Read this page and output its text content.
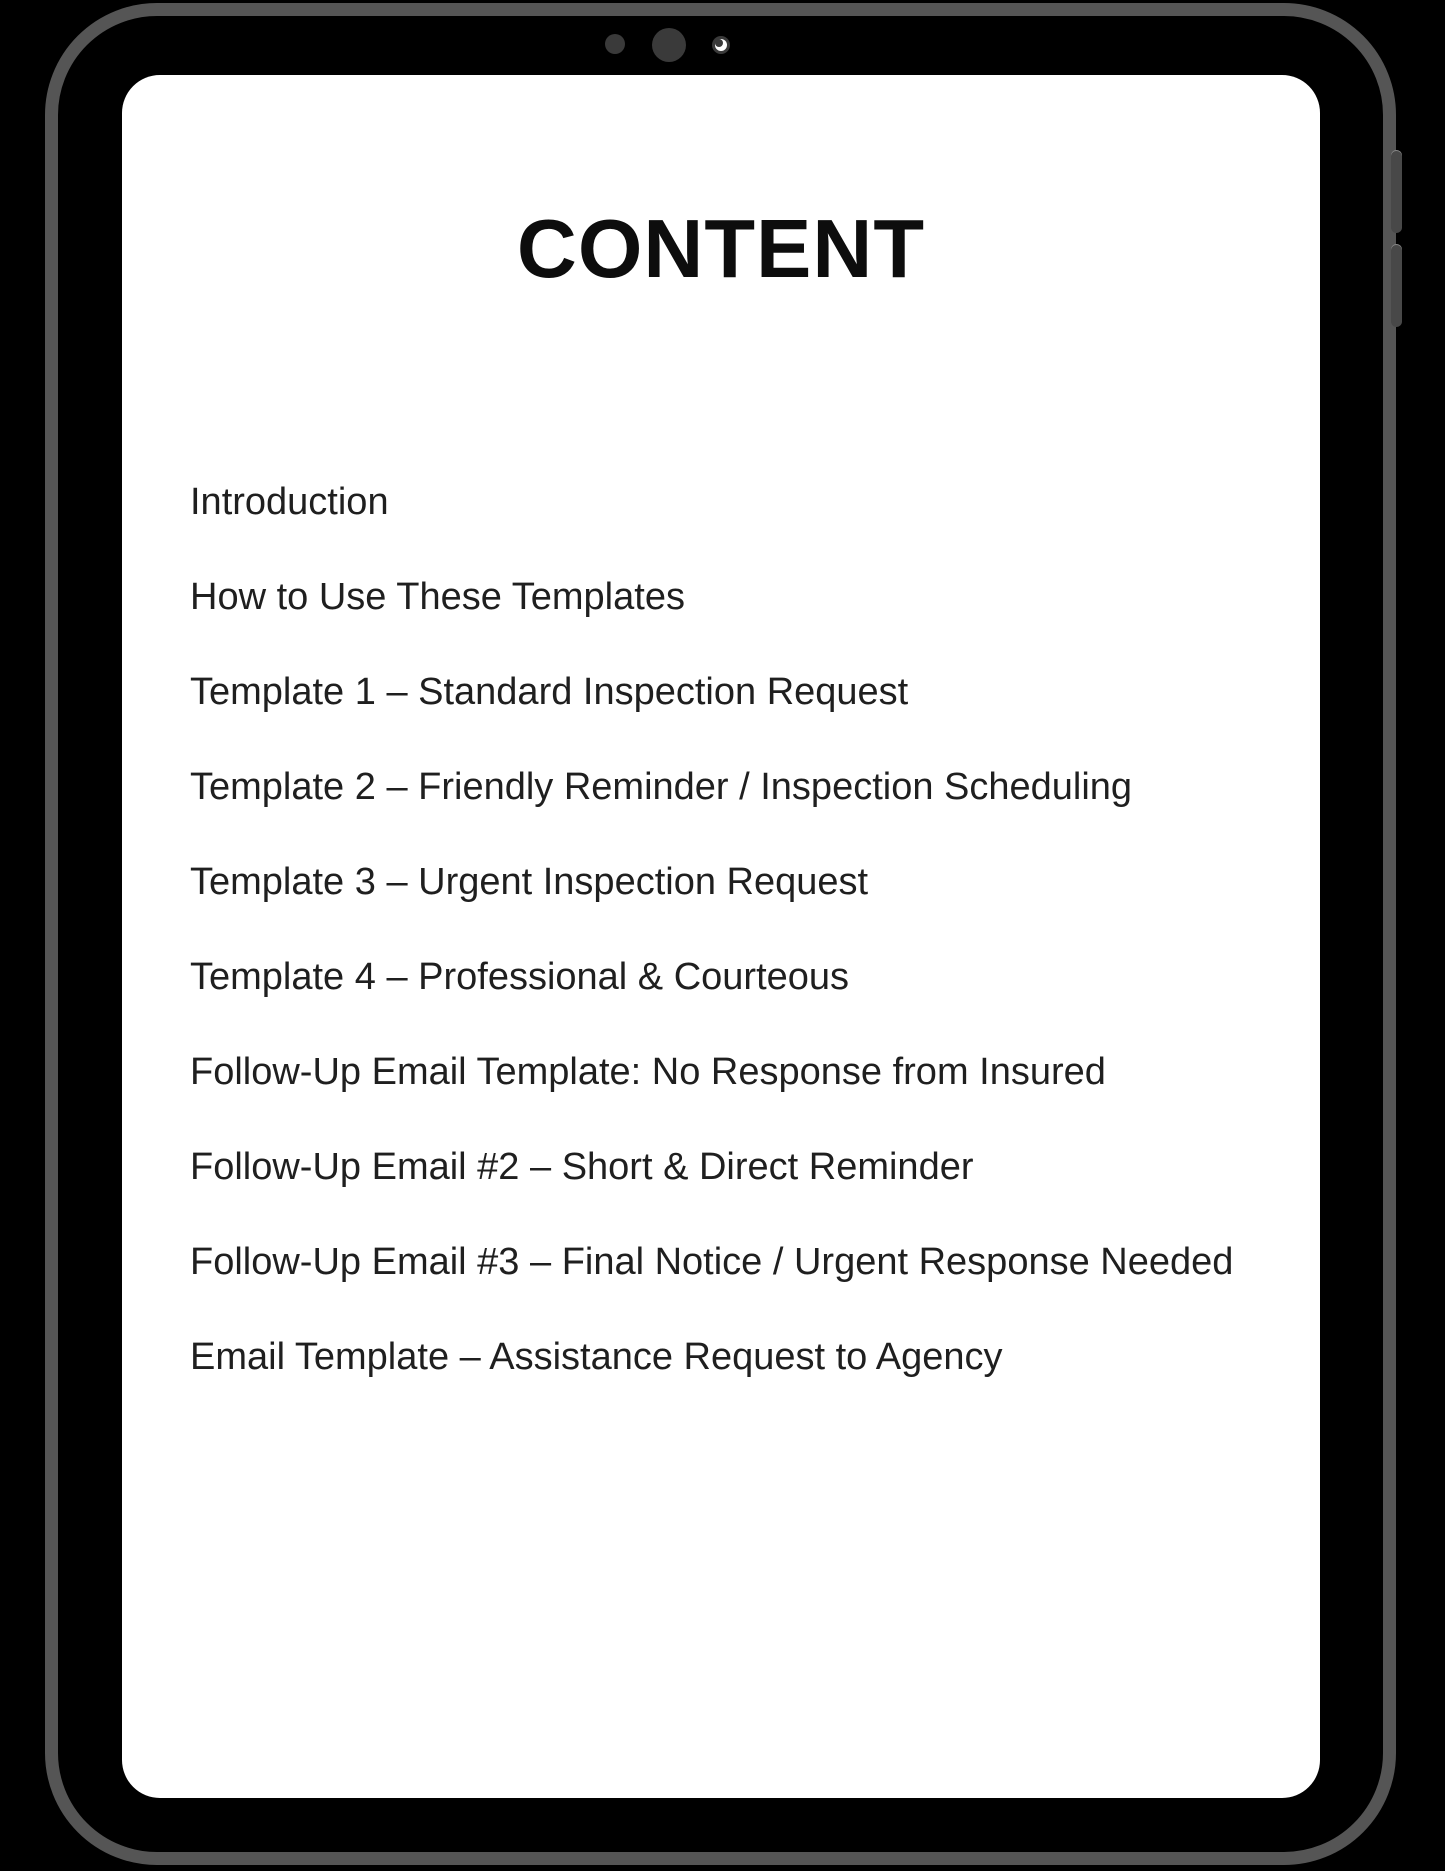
CONTENT
Introduction
How to Use These Templates
Template 1 – Standard Inspection Request
Template 2 – Friendly Reminder / Inspection Scheduling
Template 3 – Urgent Inspection Request
Template 4 – Professional & Courteous
Follow-Up Email Template: No Response from Insured
Follow-Up Email #2 – Short & Direct Reminder
Follow-Up Email #3 – Final Notice / Urgent Response Needed
Email Template – Assistance Request to Agency
